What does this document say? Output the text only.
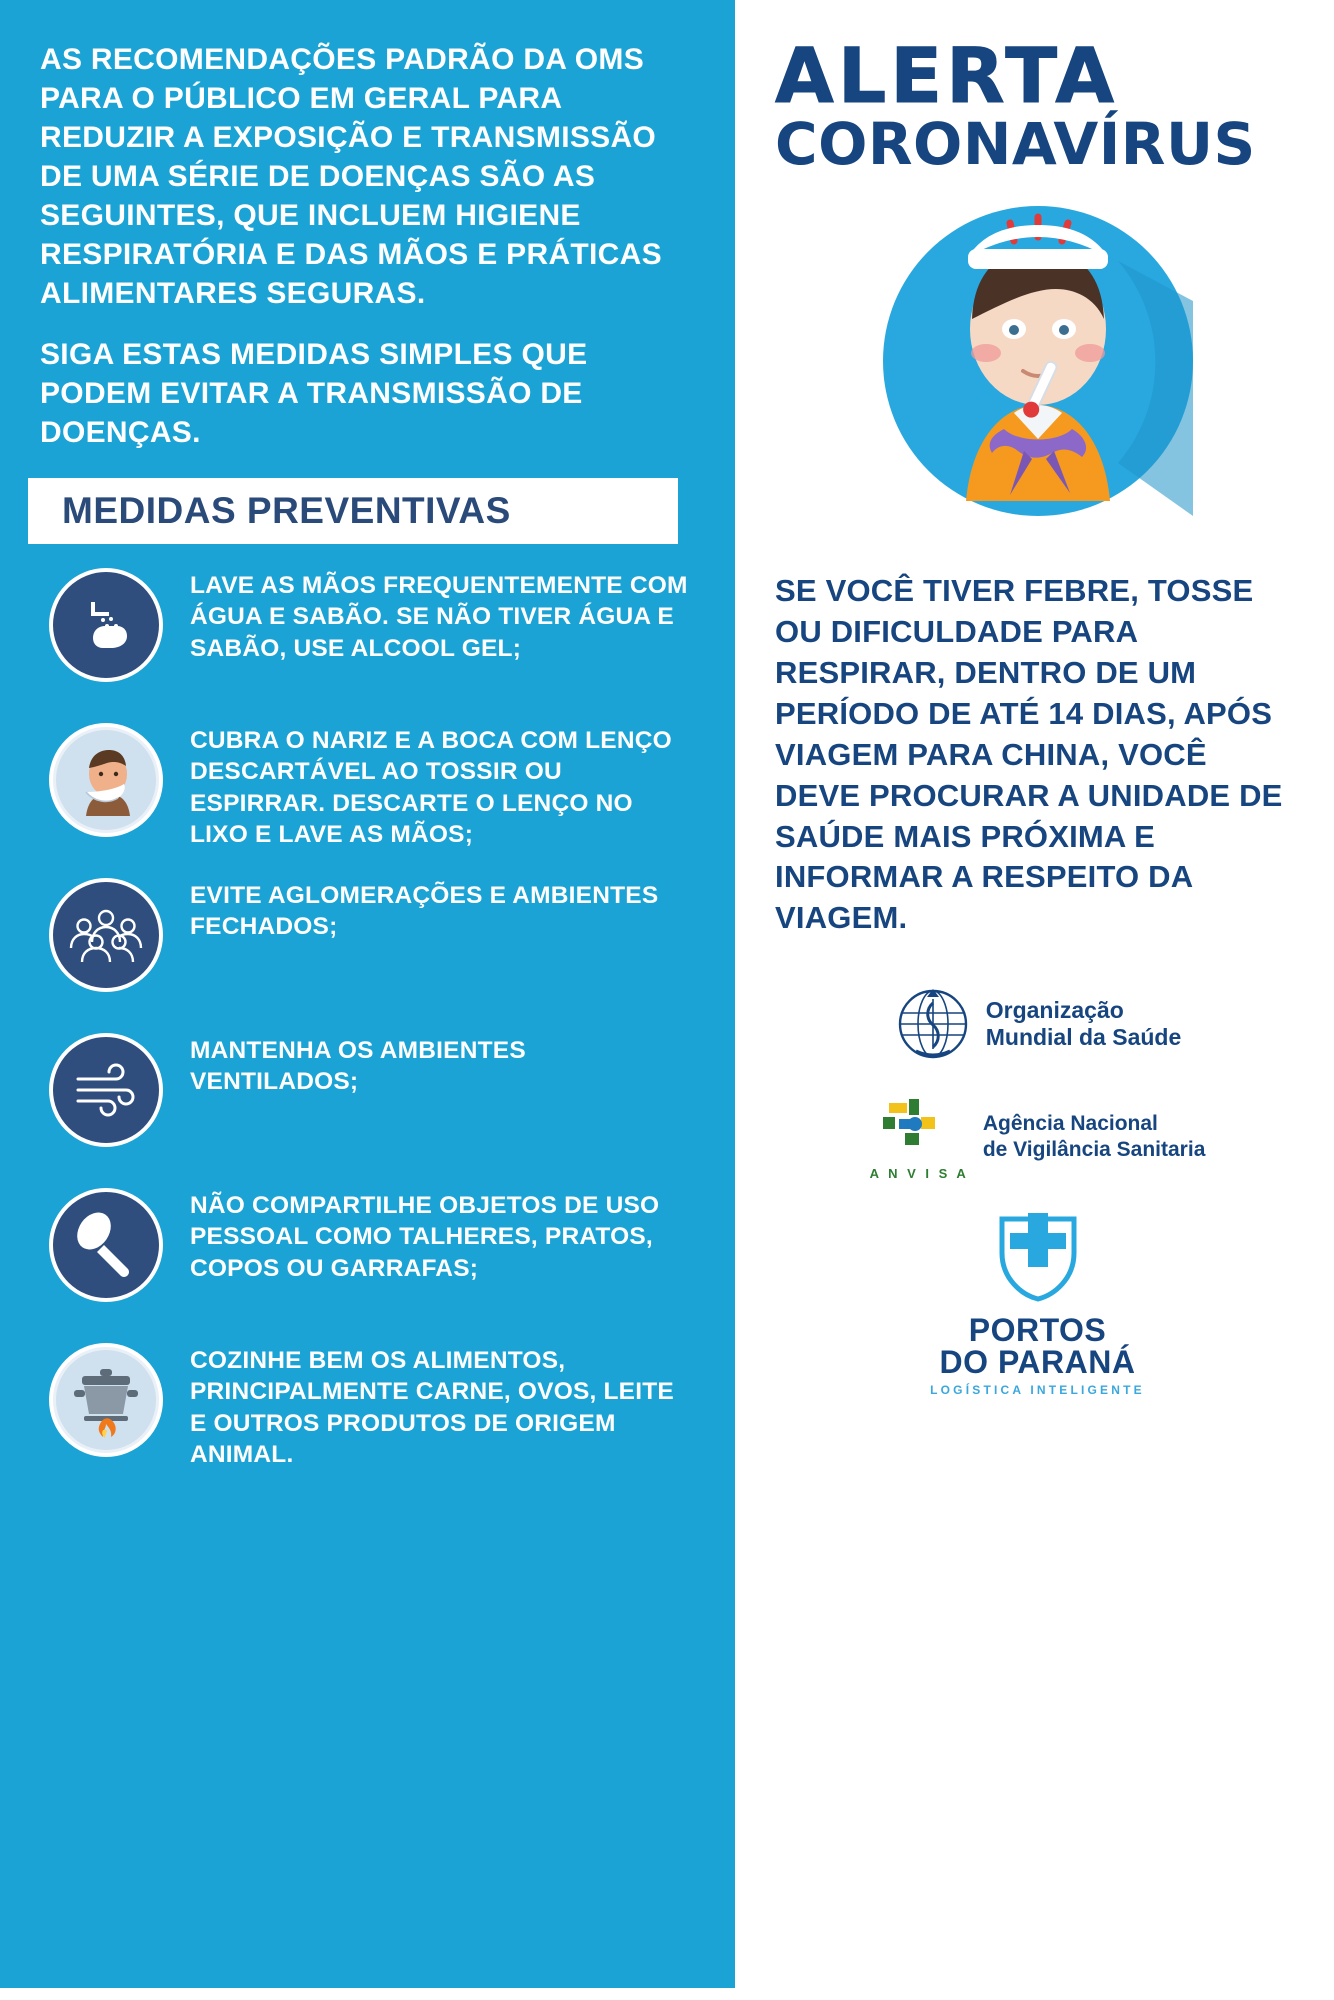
AS RECOMENDAÇÕES PADRÃO DA OMS PARA O PÚBLICO EM GERAL PARA REDUZIR A EXPOSIÇÃO E TRANSMISSÃO DE UMA SÉRIE DE DOENÇAS SÃO AS SEGUINTES, QUE INCLUEM HIGIENE RESPIRATÓRIA E DAS MÃOS E PRÁTICAS ALIMENTARES SEGURAS.

SIGA ESTAS MEDIDAS SIMPLES QUE PODEM EVITAR A TRANSMISSÃO DE DOENÇAS.

MEDIDAS PREVENTIVAS
LAVE AS MÃOS FREQUENTEMENTE COM ÁGUA E SABÃO. SE NÃO TIVER ÁGUA E SABÃO, USE ALCOOL GEL;
CUBRA O NARIZ E A BOCA COM LENÇO DESCARTÁVEL AO TOSSIR OU ESPIRRAR. DESCARTE O LENÇO NO LIXO E LAVE AS MÃOS;
EVITE AGLOMERAÇÕES E AMBIENTES FECHADOS;
MANTENHA OS AMBIENTES VENTILADOS;
NÃO COMPARTILHE OBJETOS DE USO PESSOAL COMO TALHERES, PRATOS, COPOS OU GARRAFAS;
COZINHE BEM OS ALIMENTOS, PRINCIPALMENTE CARNE, OVOS, LEITE E OUTROS PRODUTOS DE ORIGEM ANIMAL.
ALERTA
CORONAVÍRUS

SE VOCÊ TIVER FEBRE, TOSSE OU DIFICULDADE PARA RESPIRAR, DENTRO DE UM PERÍODO DE ATÉ 14 DIAS, APÓS VIAGEM PARA CHINA, VOCÊ DEVE PROCURAR A UNIDADE DE SAÚDE MAIS PRÓXIMA E INFORMAR A RESPEITO DA VIAGEM.

Organização
Mundial da Saúde
A N V I S A
Agência Nacional
de Vigilância Sanitaria
PORTOS
DO PARANÁ
LOGÍSTICA INTELIGENTE
